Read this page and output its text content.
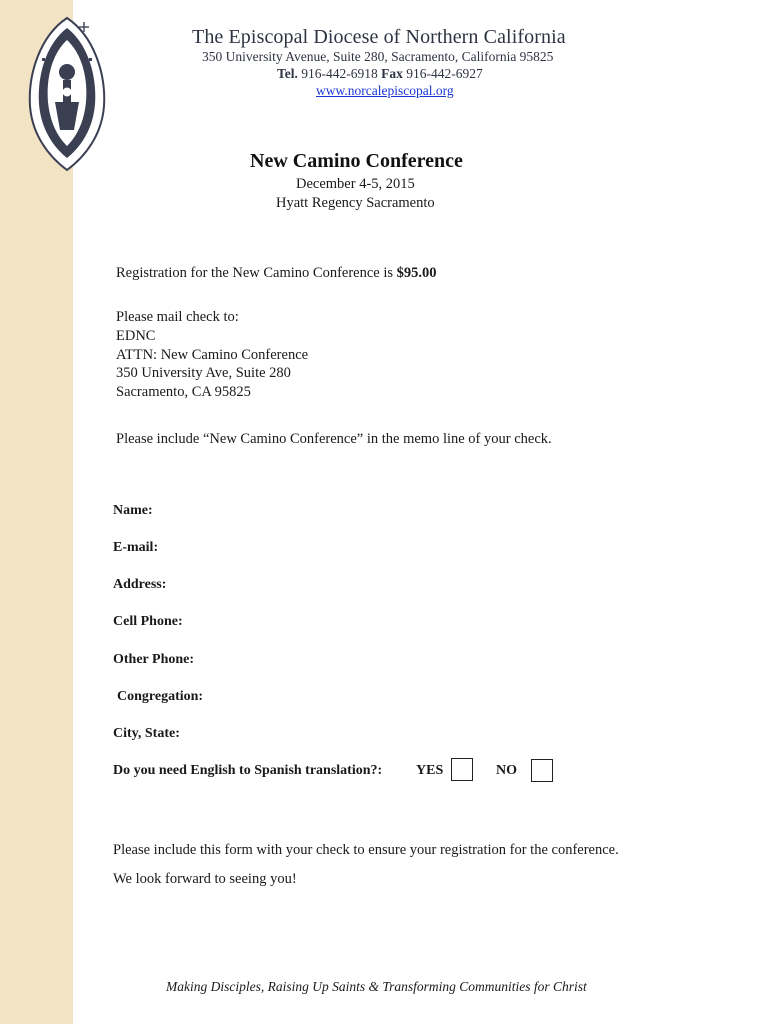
The Episcopal Diocese of Northern California
350 University Avenue, Suite 280, Sacramento, California 95825
Tel. 916-442-6918 Fax 916-442-6927
www.norcalepiscopal.org
New Camino Conference
December 4-5, 2015
Hyatt Regency Sacramento
Registration for the New Camino Conference is $95.00
Please mail check to:
EDNC
ATTN: New Camino Conference
350 University Ave, Suite 280
Sacramento, CA 95825
Please include “New Camino Conference” in the memo line of your check.
Name:
E-mail:
Address:
Cell Phone:
Other Phone:
Congregation:
City, State:
Do you need English to Spanish translation?: YES	NO
Please include this form with your check to ensure your registration for the conference.
We look forward to seeing you!
Making Disciples, Raising Up Saints & Transforming Communities for Christ
